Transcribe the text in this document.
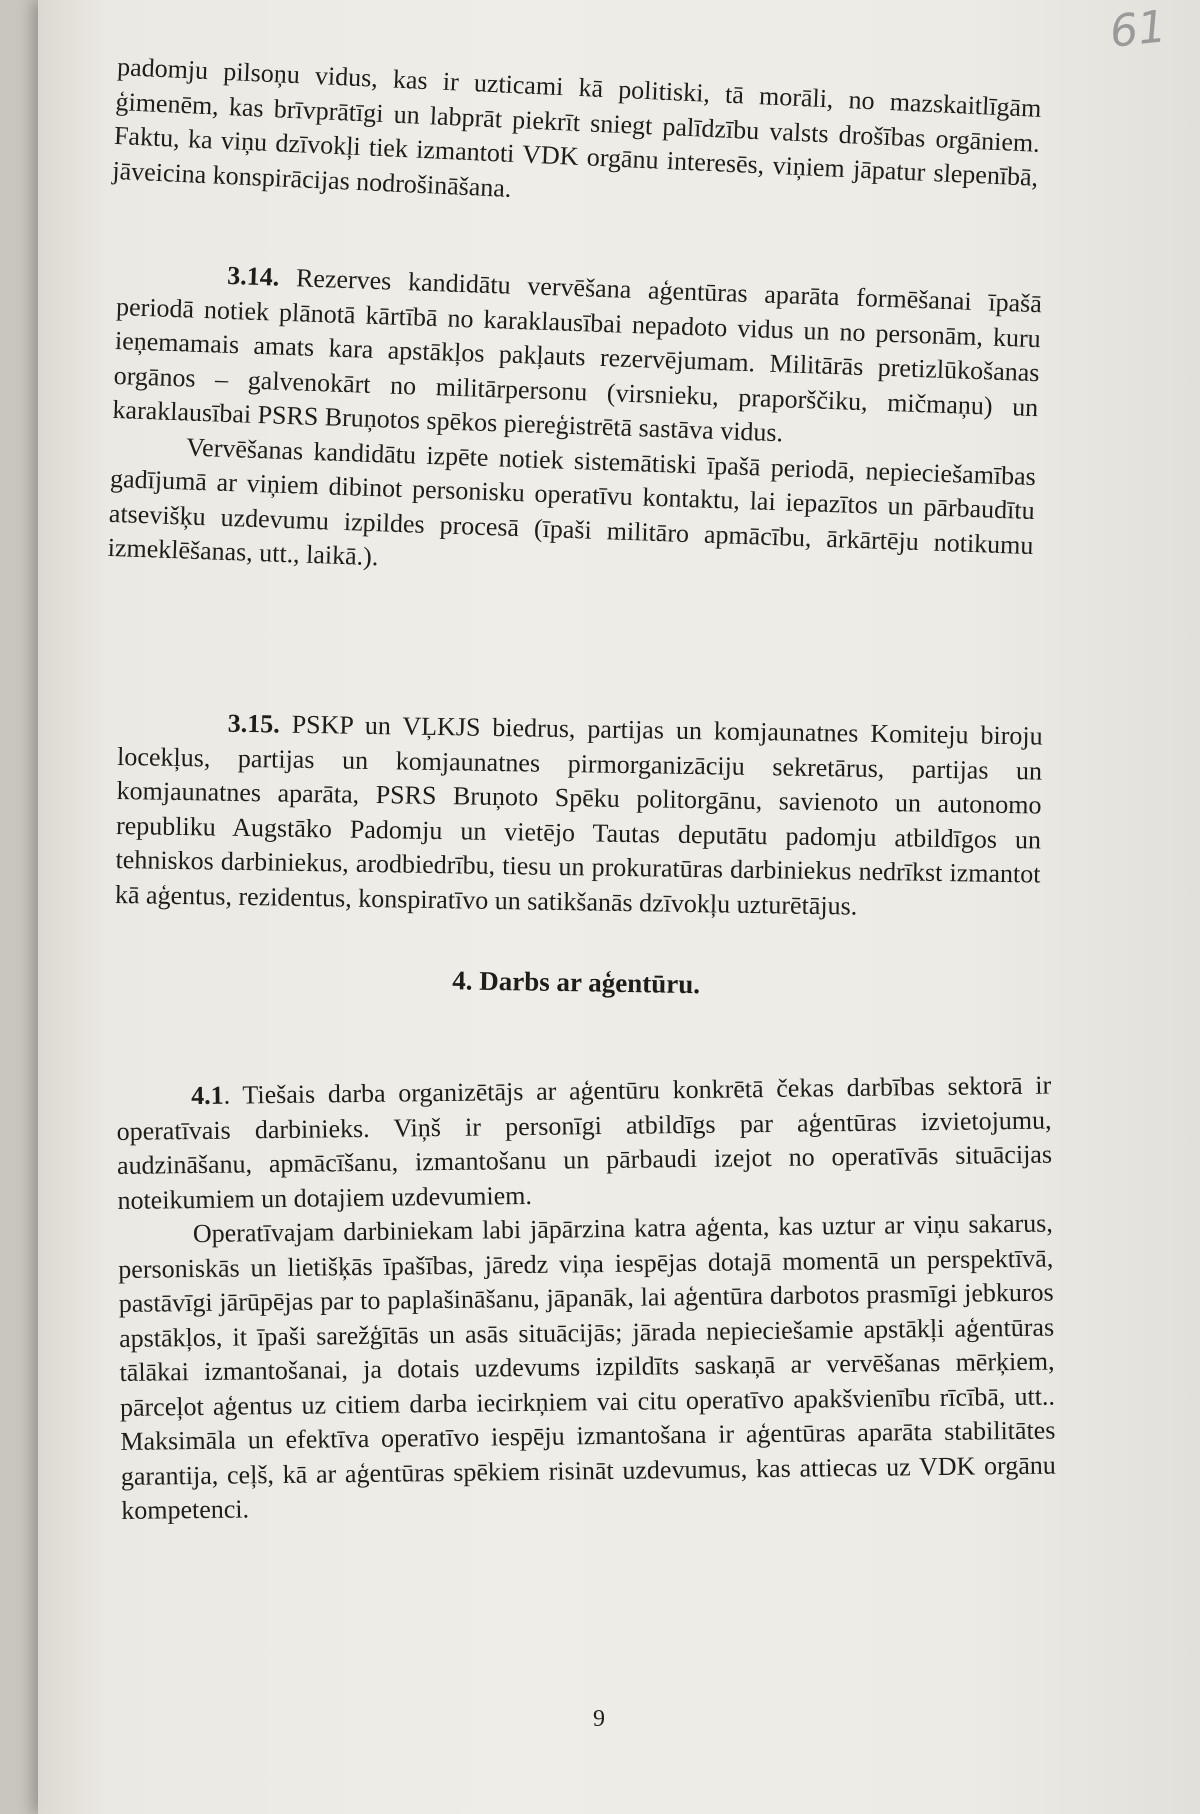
61

padomju pilsoņu vidus, kas ir uzticami kā politiski, tā morāli, no mazskaitlīgām ģimenēm, kas brīvprātīgi un labprāt piekrīt sniegt palīdzību valsts drošības orgāniem. Faktu, ka viņu dzīvokļi tiek izmantoti VDK orgānu interesēs, viņiem jāpatur slepenībā, jāveicina konspirācijas nodrošināšana.

3.14. Rezerves kandidātu vervēšana aģentūras aparāta formēšanai īpašā periodā notiek plānotā kārtībā no karaklausībai nepadoto vidus un no personām, kuru ieņemamais amats kara apstākļos pakļauts rezervējumam. Militārās pretizlūkošanas orgānos – galvenokārt no militārpersonu (virsnieku, praporščiku, mičmaņu) un karaklausībai PSRS Bruņotos spēkos piereģistrētā sastāva vidus.

Vervēšanas kandidātu izpēte notiek sistemātiski īpašā periodā, nepieciešamības gadījumā ar viņiem dibinot personisku operatīvu kontaktu, lai iepazītos un pārbaudītu atsevišķu uzdevumu izpildes procesā (īpaši militāro apmācību, ārkārtēju notikumu izmeklēšanas, utt., laikā.).

3.15. PSKP un VĻKJS biedrus, partijas un komjaunatnes Komiteju biroju locekļus, partijas un komjaunatnes pirmorganizāciju sekretārus, partijas un komjaunatnes aparāta, PSRS Bruņoto Spēku politorgānu, savienoto un autonomo republiku Augstāko Padomju un vietējo Tautas deputātu padomju atbildīgos un tehniskos darbiniekus, arodbiedrību, tiesu un prokuratūras darbiniekus nedrīkst izmantot kā aģentus, rezidentus, konspiratīvo un satikšanās dzīvokļu uzturētājus.

4. Darbs ar aģentūru.

4.1. Tiešais darba organizētājs ar aģentūru konkrētā čekas darbības sektorā ir operatīvais darbinieks. Viņš ir personīgi atbildīgs par aģentūras izvietojumu, audzināšanu, apmācīšanu, izmantošanu un pārbaudi izejot no operatīvās situācijas noteikumiem un dotajiem uzdevumiem.

Operatīvajam darbiniekam labi jāpārzina katra aģenta, kas uztur ar viņu sakarus, personiskās un lietišķās īpašības, jāredz viņa iespējas dotajā momentā un perspektīvā, pastāvīgi jārūpējas par to paplašināšanu, jāpanāk, lai aģentūra darbotos prasmīgi jebkuros apstākļos, it īpaši sarežģītās un asās situācijās; jārada nepieciešamie apstākļi aģentūras tālākai izmantošanai, ja dotais uzdevums izpildīts saskaņā ar vervēšanas mērķiem, pārceļot aģentus uz citiem darba iecirkņiem vai citu operatīvo apakšvienību rīcībā, utt.. Maksimāla un efektīva operatīvo iespēju izmantošana ir aģentūras aparāta stabilitātes garantija, ceļš, kā ar aģentūras spēkiem risināt uzdevumus, kas attiecas uz VDK orgānu kompetenci.

9
